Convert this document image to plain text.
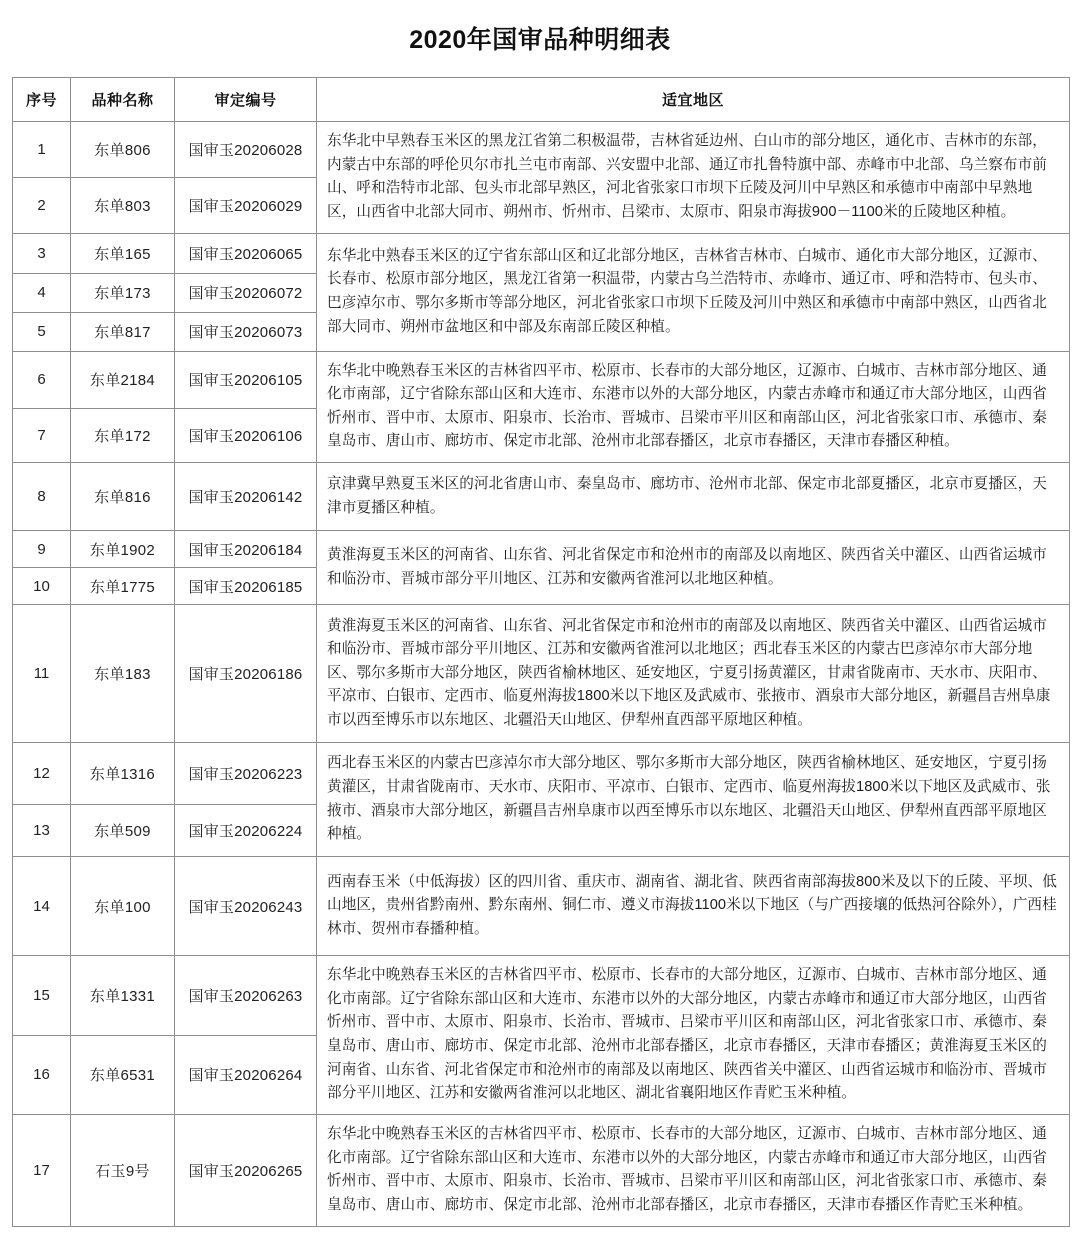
2020年国审品种明细表
序号	品种名称	审定编号	适宜地区
1	东单806	国审玉20206028	东华北中早熟春玉米区的黑龙江省第二积极温带，吉林省延边州、白山市的部分地区，通化市、吉林市的东部，内蒙古中东部的呼伦贝尔市扎兰屯市南部、兴安盟中北部、通辽市扎鲁特旗中部、赤峰市中北部、乌兰察布市前山、呼和浩特市北部、包头市北部早熟区，河北省张家口市坝下丘陵及河川中早熟区和承德市中南部中早熟地区，山西省中北部大同市、朔州市、忻州市、吕梁市、太原市、阳泉市海拔900－1100米的丘陵地区种植。
2	东单803	国审玉20206029	
3	东单165	国审玉20206065	东华北中熟春玉米区的辽宁省东部山区和辽北部分地区，吉林省吉林市、白城市、通化市大部分地区，辽源市、长春市、松原市部分地区，黑龙江省第一积温带，内蒙古乌兰浩特市、赤峰市、通辽市、呼和浩特市、包头市、巴彦淖尔市、鄂尔多斯市等部分地区，河北省张家口市坝下丘陵及河川中熟区和承德市中南部中熟区，山西省北部大同市、朔州市盆地区和中部及东南部丘陵区种植。
4	东单173	国审玉20206072	
5	东单817	国审玉20206073	
6	东单2184	国审玉20206105	东华北中晚熟春玉米区的吉林省四平市、松原市、长春市的大部分地区，辽源市、白城市、吉林市部分地区、通化市南部，辽宁省除东部山区和大连市、东港市以外的大部分地区，内蒙古赤峰市和通辽市大部分地区，山西省忻州市、晋中市、太原市、阳泉市、长治市、晋城市、吕梁市平川区和南部山区，河北省张家口市、承德市、秦皇岛市、唐山市、廊坊市、保定市北部、沧州市北部春播区，北京市春播区，天津市春播区种植。
7	东单172	国审玉20206106	
8	东单816	国审玉20206142	京津冀早熟夏玉米区的河北省唐山市、秦皇岛市、廊坊市、沧州市北部、保定市北部夏播区，北京市夏播区，天津市夏播区种植。
9	东单1902	国审玉20206184	黄淮海夏玉米区的河南省、山东省、河北省保定市和沧州市的南部及以南地区、陕西省关中灌区、山西省运城市和临汾市、晋城市部分平川地区、江苏和安徽两省淮河以北地区种植。
10	东单1775	国审玉20206185	
11	东单183	国审玉20206186	黄淮海夏玉米区的河南省、山东省、河北省保定市和沧州市的南部及以南地区、陕西省关中灌区、山西省运城市和临汾市、晋城市部分平川地区、江苏和安徽两省淮河以北地区；西北春玉米区的内蒙古巴彦淖尔市大部分地区、鄂尔多斯市大部分地区，陕西省榆林地区、延安地区，宁夏引扬黄灌区，甘肃省陇南市、天水市、庆阳市、平凉市、白银市、定西市、临夏州海拔1800米以下地区及武威市、张掖市、酒泉市大部分地区，新疆昌吉州阜康市以西至博乐市以东地区、北疆沿天山地区、伊犁州直西部平原地区种植。
12	东单1316	国审玉20206223	西北春玉米区的内蒙古巴彦淖尔市大部分地区、鄂尔多斯市大部分地区，陕西省榆林地区、延安地区，宁夏引扬黄灌区，甘肃省陇南市、天水市、庆阳市、平凉市、白银市、定西市、临夏州海拔1800米以下地区及武威市、张掖市、酒泉市大部分地区，新疆昌吉州阜康市以西至博乐市以东地区、北疆沿天山地区、伊犁州直西部平原地区种植。
13	东单509	国审玉20206224	
14	东单100	国审玉20206243	西南春玉米（中低海拔）区的四川省、重庆市、湖南省、湖北省、陕西省南部海拔800米及以下的丘陵、平坝、低山地区，贵州省黔南州、黔东南州、铜仁市、遵义市海拔1100米以下地区（与广西接壤的低热河谷除外），广西桂林市、贺州市春播种植。
15	东单1331	国审玉20206263	东华北中晚熟春玉米区的吉林省四平市、松原市、长春市的大部分地区，辽源市、白城市、吉林市部分地区、通化市南部。辽宁省除东部山区和大连市、东港市以外的大部分地区，内蒙古赤峰市和通辽市大部分地区，山西省忻州市、晋中市、太原市、阳泉市、长治市、晋城市、吕梁市平川区和南部山区，河北省张家口市、承德市、秦皇岛市、唐山市、廊坊市、保定市北部、沧州市北部春播区，北京市春播区，天津市春播区；黄淮海夏玉米区的河南省、山东省、河北省保定市和沧州市的南部及以南地区、陕西省关中灌区、山西省运城市和临汾市、晋城市部分平川地区、江苏和安徽两省淮河以北地区、湖北省襄阳地区作青贮玉米种植。
16	东单6531	国审玉20206264	
17	石玉9号	国审玉20206265	东华北中晚熟春玉米区的吉林省四平市、松原市、长春市的大部分地区，辽源市、白城市、吉林市部分地区、通化市南部。辽宁省除东部山区和大连市、东港市以外的大部分地区，内蒙古赤峰市和通辽市大部分地区，山西省忻州市、晋中市、太原市、阳泉市、长治市、晋城市、吕梁市平川区和南部山区，河北省张家口市、承德市、秦皇岛市、唐山市、廊坊市、保定市北部、沧州市北部春播区，北京市春播区，天津市春播区作青贮玉米种植。
